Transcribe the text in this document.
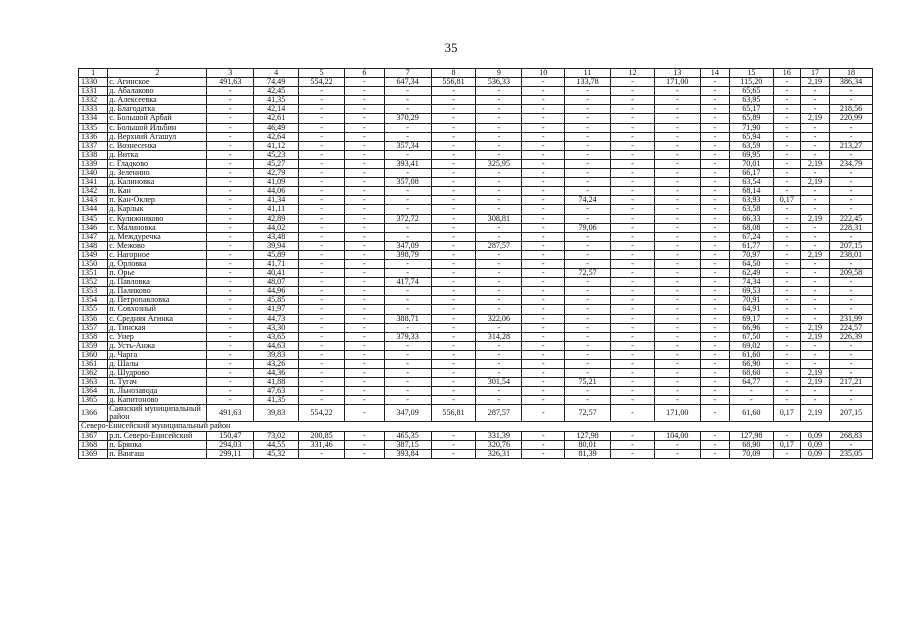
35
1	2	3	4	5	6	7	8	9	10	11	12	13	14	15	16	17	18
1330	с. Агинское	491,63	74,49	554,22	-	647,34	556,81	536,33	-	133,78	-	171,00	-	115,20	-	2,19	386,34
1331	д. Абалаково	-	42,45	-	-	-	-	-	-	-	-	-	-	65,65	-	-	-
1332	д. Алексеевка	-	41,35	-	-	-	-	-	-	-	-	-	-	63,95	-	-	-
1333	д. Благодатка	-	42,14	-	-	-	-	-	-	-	-	-	-	65,17	-	-	218,56
1334	с. Большой Арбай	-	42,61	-	-	370,29	-	-	-	-	-	-	-	65,89	-	2,19	220,99
1335	с. Большой Ильбин	-	46,49	-	-	-	-	-	-	-	-	-	-	71,90	-	-	-
1336	д. Верхний Агашул	-	42,64	-	-	-	-	-	-	-	-	-	-	65,94	-	-	-
1337	с. Вознесенка	-	41,12	-	-	357,34	-	-	-	-	-	-	-	63,59	-	-	213,27
1338	д. Витка	-	45,23	-	-	-	-	-	-	-	-	-	-	69,95	-	-	-
1339	с. Гладково	-	45,27	-	-	393,41	-	325,95	-	-	-	-	-	70,01	-	2,19	234,79
1340	д. Зеленино	-	42,79	-	-	-	-	-	-	-	-	-	-	66,17	-	-	-
1341	д. Калиновка	-	41,09	-	-	357,08	-	-	-	-	-	-	-	63,54	-	2,19	-
1342	п. Кан	-	44,06	-	-	-	-	-	-	-	-	-	-	68,14	-	-	-
1343	п. Кан-Оклер	-	41,34	-	-	-	-	-	-	74,24	-	-	-	63,93	0,17	-	-
1344	д. Карлык	-	41,11	-	-	-	-	-	-	-	-	-	-	63,58	-	-	-
1345	с. Кулижниково	-	42,89	-	-	372,72	-	308,81	-	-	-	-	-	66,33	-	2,19	222,45
1346	с. Малиновка	-	44,02	-	-	-	-	-	-	79,06	-	-	-	68,08	-	-	228,31
1347	д. Междуречка	-	43,48	-	-	-	-	-	-	-	-	-	-	67,24	-	-	-
1348	с. Межово	-	39,94	-	-	347,09	-	287,57	-	-	-	-	-	61,77	-	-	207,15
1349	с. Нагорное	-	45,89	-	-	398,79	-	-	-	-	-	-	-	70,97	-	2,19	238,01
1350	д. Орловка	-	41,71	-	-	-	-	-	-	-	-	-	-	64,50	-	-	-
1351	п. Орье	-	40,41	-	-	-	-	-	-	72,57	-	-	-	62,49	-	-	209,58
1352	д. Павловка	-	48,07	-	-	417,74	-	-	-	-	-	-	-	74,34	-	-	-
1353	д. Паликово	-	44,96	-	-	-	-	-	-	-	-	-	-	69,53	-	-	-
1354	д. Петропавловка	-	45,85	-	-	-	-	-	-	-	-	-	-	70,91	-	-	-
1355	п. Совхозный	-	41,97	-	-	-	-	-	-	-	-	-	-	64,91	-	-	-
1356	с. Средняя Агинка	-	44,73	-	-	388,71	-	322,06	-	-	-	-	-	69,17	-	-	231,99
1357	д. Тинская	-	43,30	-	-	-	-	-	-	-	-	-	-	66,96	-	2,19	224,57
1358	с. Унер	-	43,65	-	-	379,33	-	314,28	-	-	-	-	-	67,50	-	2,19	226,39
1359	д. Усть-Анжа	-	44,63	-	-	-	-	-	-	-	-	-	-	69,02	-	-	-
1360	д. Чарга	-	39,83	-	-	-	-	-	-	-	-	-	-	61,60	-	-	-
1361	д. Шалы	-	43,26	-	-	-	-	-	-	-	-	-	-	66,90	-	-	-
1362	д. Шудрово	-	44,36	-	-	-	-	-	-	-	-	-	-	68,60	-	2,19	-
1363	п. Тугач	-	41,88	-	-	-	-	301,54	-	75,21	-	-	-	64,77	-	2,19	217,21
1364	п. Льнозавода	-	47,63	-	-	-	-	-	-	-	-	-	-	-	-	-	-
1365	д. Капитоново	-	41,35	-	-	-	-	-	-	-	-	-	-	-	-	-	-
1366	Саянский муниципальный район	491,63	39,83	554,22	-	347,09	556,81	287,57	-	72,57	-	171,00	-	61,60	0,17	2,19	207,15
Северо-Енисейский муниципальный район																	
1367	р.п. Северо-Енисейский	150,47	73,02	200,85	-	465,35	-	331,39	-	127,98	-	104,00	-	127,98	-	0,09	268,83
1368	п. Брянка	294,03	44,55	331,46	-	387,15	-	320,76	-	80,01	-	-	-	68,90	0,17	0,09	-
1369	п. Вангаш	299,11	45,32	-	-	393,84	-	326,31	-	81,39	-	-	-	70,09	-	0,09	235,05
